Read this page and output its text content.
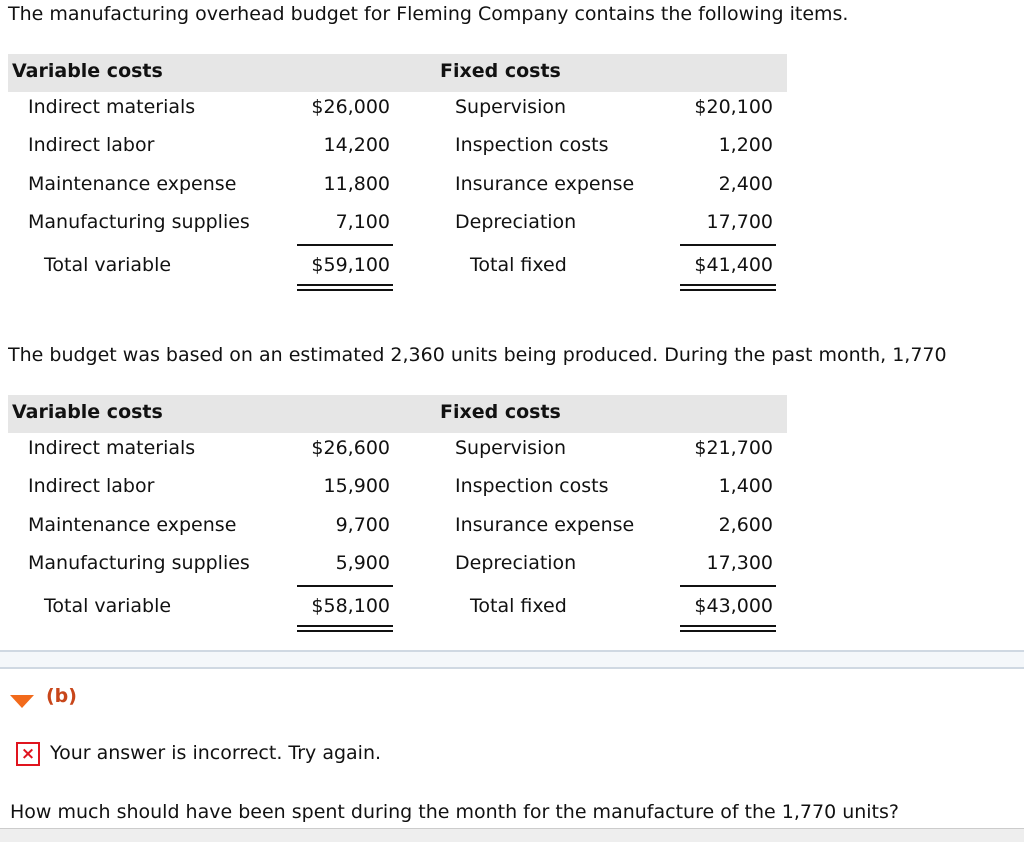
The manufacturing overhead budget for Fleming Company contains the following items.
Variable costs	Fixed costs
Indirect materials	$26,000	Supervision	$20,100
Indirect labor	14,200	Inspection costs	1,200
Maintenance expense	11,800	Insurance expense	2,400
Manufacturing supplies	7,100	Depreciation	17,700
Total variable	$59,100	Total fixed	$41,400
The budget was based on an estimated 2,360 units being produced. During the past month, 1,770
Variable costs	Fixed costs
Indirect materials	$26,600	Supervision	$21,700
Indirect labor	15,900	Inspection costs	1,400
Maintenance expense	9,700	Insurance expense	2,600
Manufacturing supplies	5,900	Depreciation	17,300
Total variable	$58,100	Total fixed	$43,000
(b)
× Your answer is incorrect. Try again.
How much should have been spent during the month for the manufacture of the 1,770 units?
